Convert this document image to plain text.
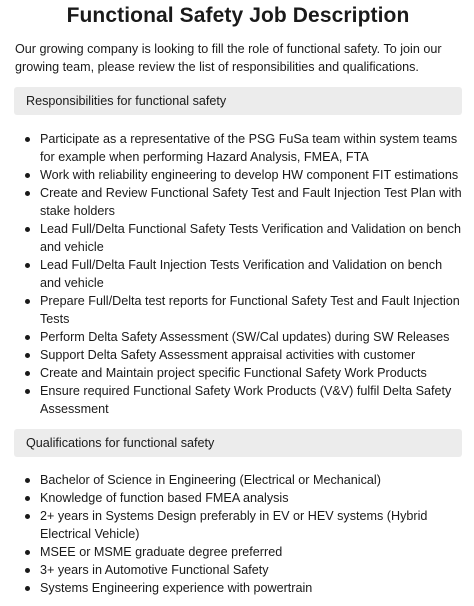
Functional Safety Job Description

Our growing company is looking to fill the role of functional safety. To join our growing team, please review the list of responsibilities and qualifications.

Responsibilities for functional safety
Participate as a representative of the PSG FuSa team within system teams for example when performing Hazard Analysis, FMEA, FTA
Work with reliability engineering to develop HW component FIT estimations
Create and Review Functional Safety Test and Fault Injection Test Plan with stake holders
Lead Full/Delta Functional Safety Tests Verification and Validation on bench and vehicle
Lead Full/Delta Fault Injection Tests Verification and Validation on bench and vehicle
Prepare Full/Delta test reports for Functional Safety Test and Fault Injection Tests
Perform Delta Safety Assessment (SW/Cal updates) during SW Releases
Support Delta Safety Assessment appraisal activities with customer
Create and Maintain project specific Functional Safety Work Products
Ensure required Functional Safety Work Products (V&V) fulfil Delta Safety Assessment
Qualifications for functional safety
Bachelor of Science in Engineering (Electrical or Mechanical)
Knowledge of function based FMEA analysis
2+ years in Systems Design preferably in EV or HEV systems (Hybrid Electrical Vehicle)
MSEE or MSME graduate degree preferred
3+ years in Automotive Functional Safety
Systems Engineering experience with powertrain
